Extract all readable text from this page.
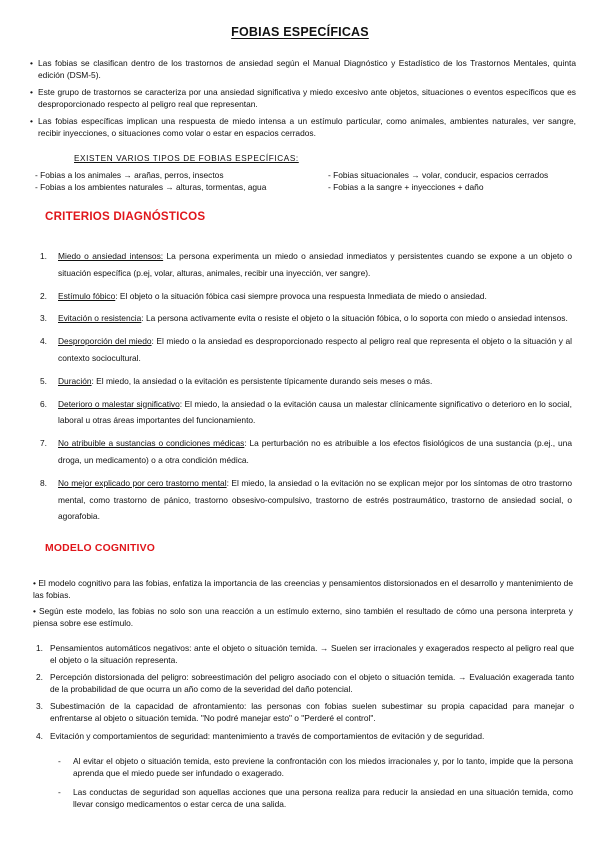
FOBIAS ESPECÍFICAS
• Las fobias se clasifican dentro de los trastornos de ansiedad según el Manual Diagnóstico y Estadístico de los Trastornos Mentales, quinta edición (DSM-5).
• Este grupo de trastornos se caracteriza por una ansiedad significativa y miedo excesivo ante objetos, situaciones o eventos específicos que es desproporcionado respecto al peligro real que representan.
• Las fobias específicas implican una respuesta de miedo intensa a un estímulo particular, como animales, ambientes naturales, ver sangre, recibir inyecciones, o situaciones como volar o estar en espacios cerrados.
EXISTEN VARIOS TIPOS DE FOBIAS ESPECÍFICAS:
- Fobias a los animales → arañas, perros, insectos
- Fobias a los ambientes naturales → alturas, tormentas, agua
- Fobias situacionales → volar, conducir, espacios cerrados
- Fobias a la sangre + inyecciones + daño
CRITERIOS DIAGNÓSTICOS
1. Miedo o ansiedad intensos: La persona experimenta un miedo o ansiedad inmediatos y persistentes cuando se expone a un objeto o situación específica (p.ej, volar, alturas, animales, recibir una inyección, ver sangre).
2. Estímulo fóbico: El objeto o la situación fóbica casi siempre provoca una respuesta Inmediata de miedo o ansiedad.
3. Evitación o resistencia: La persona activamente evita o resiste el objeto o la situación fóbica, o lo soporta con miedo o ansiedad intensos.
4. Desproporción del miedo: El miedo o la ansiedad es desproporcionado respecto al peligro real que representa el objeto o la situación y al contexto sociocultural.
5. Duración: El miedo, la ansiedad o la evitación es persistente típicamente durando seis meses o más.
6. Deterioro o malestar significativo: El miedo, la ansiedad o la evitación causa un malestar clínicamente significativo o deterioro en lo social, laboral u otras áreas importantes del funcionamiento.
7. No atribuible a sustancias o condiciones médicas: La perturbación no es atribuible a los efectos fisiológicos de una sustancia (p.ej., una droga, un medicamento) o a otra condición médica.
8. No mejor explicado por cero trastorno mental: El miedo, la ansiedad o la evitación no se explican mejor por los síntomas de otro trastorno mental, como trastorno de pánico, trastorno obsesivo-compulsivo, trastorno de estrés postraumático, trastorno de ansiedad social, o agorafobia.
MODELO COGNITIVO
• El modelo cognitivo para las fobias, enfatiza la importancia de las creencias y pensamientos distorsionados en el desarrollo y mantenimiento de las fobias.
• Según este modelo, las fobias no solo son una reacción a un estímulo externo, sino también el resultado de cómo una persona interpreta y piensa sobre ese estímulo.
1. Pensamientos automáticos negativos: ante el objeto o situación temida. → Suelen ser irracionales y exagerados respecto al peligro real que el objeto o la situación representa.
2. Percepción distorsionada del peligro: sobreestimación del peligro asociado con el objeto o situación temida. → Evaluación exagerada tanto de la probabilidad de que ocurra un año como de la severidad del daño potencial.
3. Subestimación de la capacidad de afrontamiento: las personas con fobias suelen subestimar su propia capacidad para manejar o enfrentarse al objeto o situación temida. "No podré manejar esto" o "Perderé el control".
4. Evitación y comportamientos de seguridad: mantenimiento a través de comportamientos de evitación y de seguridad.
- Al evitar el objeto o situación temida, esto previene la confrontación con los miedos irracionales y, por lo tanto, impide que la persona aprenda que el miedo puede ser infundado o exagerado.
- Las conductas de seguridad son aquellas acciones que una persona realiza para reducir la ansiedad en una situación temida, como llevar consigo medicamentos o estar cerca de una salida.
